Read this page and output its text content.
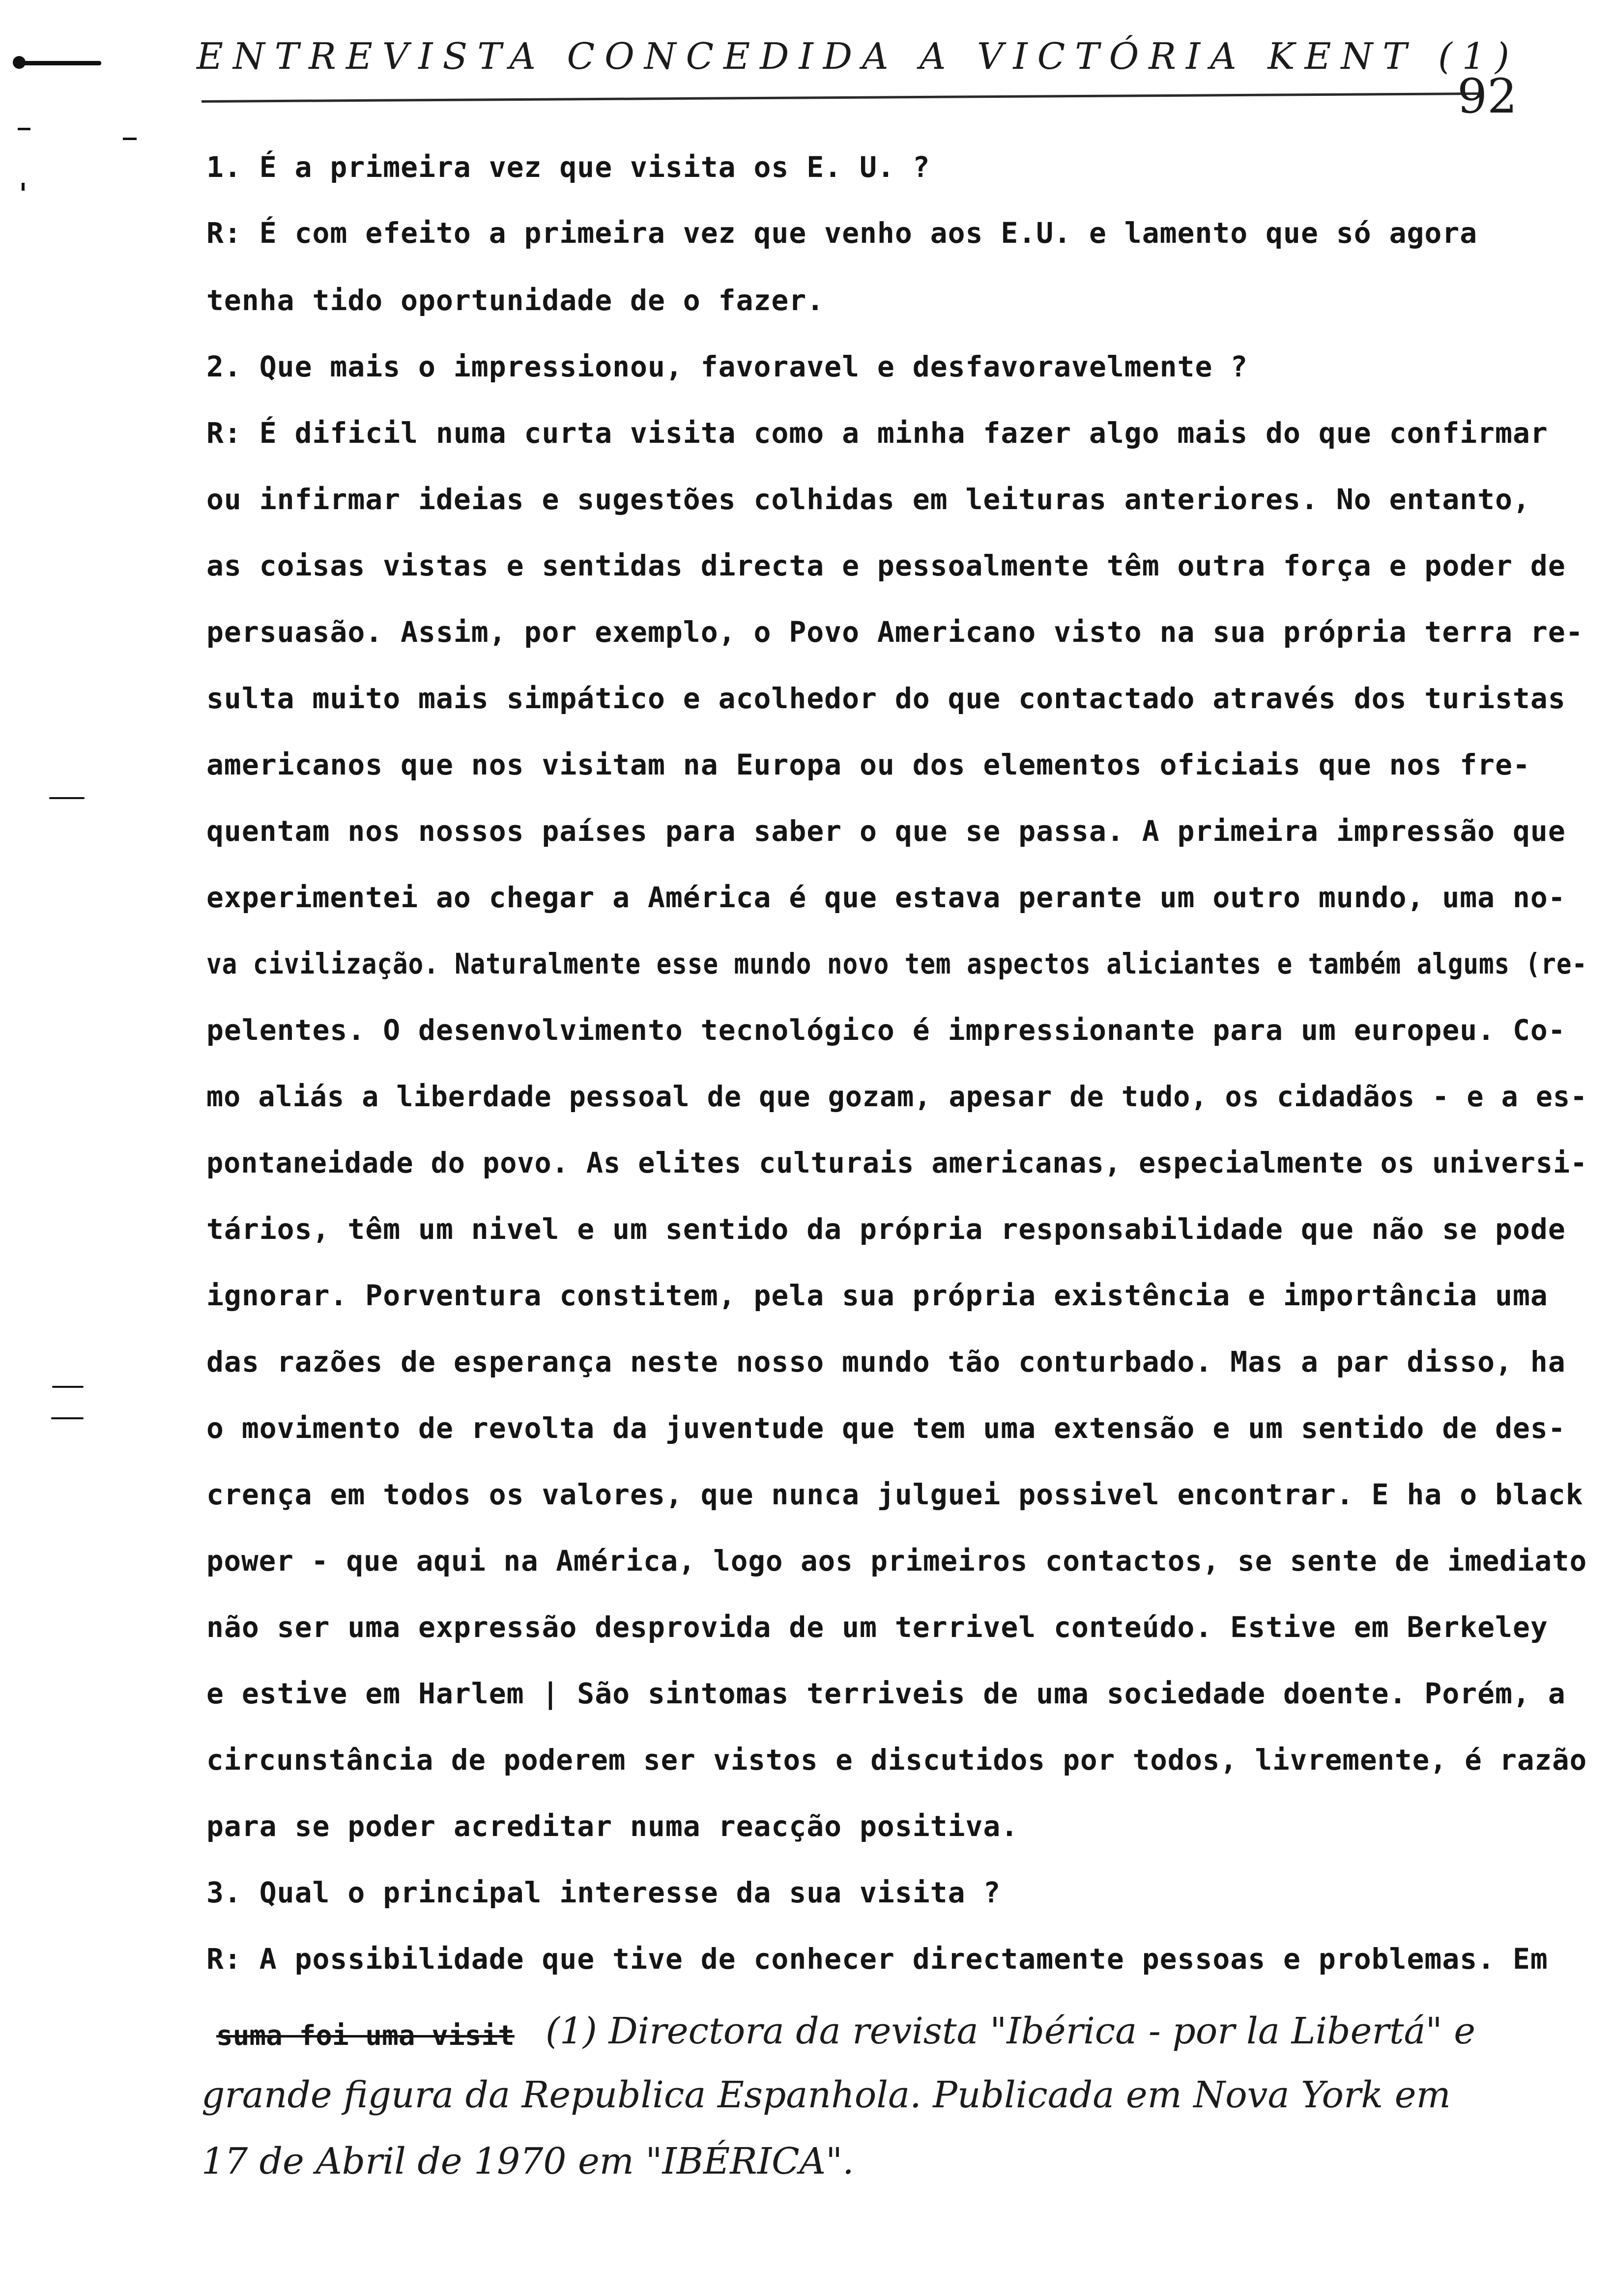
ENTREVISTA CONCEDIDA A VICTÓRIA KENT (1)
92
1. É a primeira vez que visita os E. U. ?
R: É com efeito a primeira vez que venho aos E.U. e lamento que só agora
tenha tido oportunidade de o fazer.
2. Que mais o impressionou, favoravel e desfavoravelmente ?
R: É dificil numa curta visita como a minha fazer algo mais do que confirmar
ou infirmar ideias e sugestões colhidas em leituras anteriores. No entanto,
as coisas vistas e sentidas directa e pessoalmente têm outra força e poder de
persuasão. Assim, por exemplo, o Povo Americano visto na sua própria terra re-
sulta muito mais simpático e acolhedor do que contactado através dos turistas
americanos que nos visitam na Europa ou dos elementos oficiais que nos fre-
quentam nos nossos países para saber o que se passa. A primeira impressão que
experimentei ao chegar a América é que estava perante um outro mundo, uma no-
va civilização. Naturalmente esse mundo novo tem aspectos aliciantes e também algums (re-
pelentes. O desenvolvimento tecnológico é impressionante para um europeu. Co-
mo aliás a liberdade pessoal de que gozam, apesar de tudo, os cidadãos - e a es-
pontaneidade do povo. As elites culturais americanas, especialmente os universi-
tários, têm um nivel e um sentido da própria responsabilidade que não se pode
ignorar. Porventura constitem, pela sua própria existência e importância uma
das razões de esperança neste nosso mundo tão conturbado. Mas a par disso, ha
o movimento de revolta da juventude que tem uma extensão e um sentido de des-
crença em todos os valores, que nunca julguei possivel encontrar. E ha o black
power - que aqui na América, logo aos primeiros contactos, se sente de imediato
não ser uma expressão desprovida de um terrivel conteúdo. Estive em Berkeley
e estive em Harlem | São sintomas terriveis de uma sociedade doente. Porém, a
circunstância de poderem ser vistos e discutidos por todos, livremente, é razão
para se poder acreditar numa reacção positiva.
3. Qual o principal interesse da sua visita ?
R: A possibilidade que tive de conhecer directamente pessoas e problemas. Em
suma foi uma visit (1) Directora da revista "Ibérica - por la Libertá" e
grande figura da Republica Espanhola. Publicada em Nova York em
17 de Abril de 1970 em "IBÉRICA".
